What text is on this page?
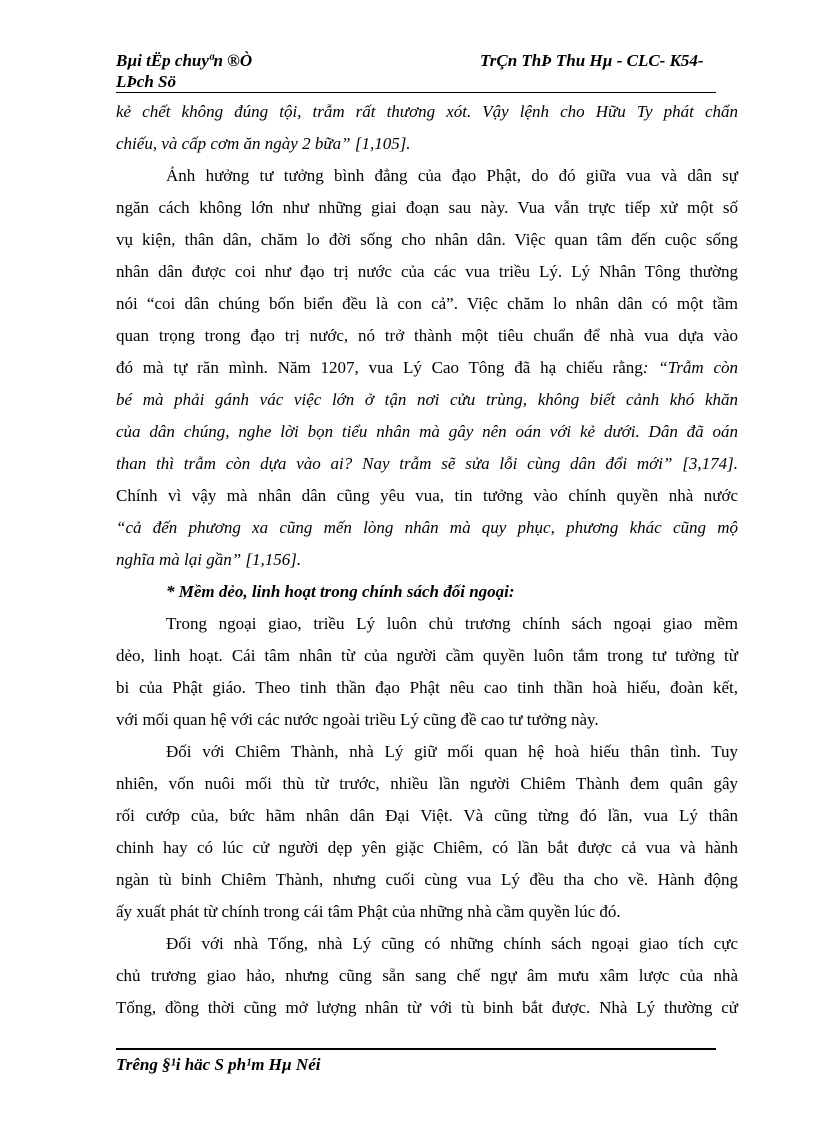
Bµi tËp chuyªn ®Ò
LÞch Sö
TrÇn ThÞ Thu Hµ - CLC- K54-
kẻ chết không đúng tội, trẫm rất thương xót. Vậy lệnh cho Hữu Ty phát chẩn
chiếu, và cấp cơm ăn ngày 2 bữa” [1,105].
Ảnh hưởng tư tưởng bình đẳng của đạo Phật, do đó giữa vua và dân sự
ngăn cách không lớn như những giai đoạn sau này. Vua vẫn trực tiếp xử một số
vụ kiện, thân dân, chăm lo đời sống cho nhân dân. Việc quan tâm đến cuộc sống
nhân dân được coi như đạo trị nước của các vua triều Lý. Lý Nhân Tông thường
nói “coi dân chúng bốn biển đều là con cả”. Việc chăm lo nhân dân có một tầm
quan trọng trong đạo trị nước, nó trở thành một tiêu chuẩn để nhà vua dựa vào
đó mà tự răn mình. Năm 1207, vua Lý Cao Tông đã hạ chiếu rằng: “Trẫm còn
bé mà phải gánh vác việc lớn ở tận nơi cửu trùng, không biết cảnh khó khăn
của dân chúng, nghe lời bọn tiểu nhân mà gây nên oán với kẻ dưới. Dân đã oán
than thì trẫm còn dựa vào ai? Nay trẫm sẽ sửa lỗi cùng dân đổi mới” [3,174].
Chính vì vậy mà nhân dân cũng yêu vua, tin tưởng vào chính quyền nhà nước
“cả đến phương xa cũng mến lòng nhân mà quy phục, phương khác cũng mộ
nghĩa mà lại gần” [1,156].
* Mềm dẻo, linh hoạt trong chính sách đối ngoại:
Trong ngoại giao, triều Lý luôn chủ trương chính sách ngoại giao mềm
dẻo, linh hoạt. Cái tâm nhân từ của người cầm quyền luôn tắm trong tư tưởng từ
bi của Phật giáo. Theo tinh thần đạo Phật nêu cao tinh thần hoà hiếu, đoàn kết,
với mối quan hệ với các nước ngoài triều Lý cũng đề cao tư tưởng này.
Đối với Chiêm Thành, nhà Lý giữ mối quan hệ hoà hiếu thân tình. Tuy
nhiên, vốn nuôi mối thù từ trước, nhiều lần người Chiêm Thành đem quân gây
rối cướp của, bức hãm nhân dân Đại Việt. Và cũng từng đó lần, vua Lý thân
chinh hay có lúc cử người dẹp yên giặc Chiêm, có lần bắt được cả vua và hành
ngàn tù binh Chiêm Thành, nhưng cuối cùng vua Lý đều tha cho về. Hành động
ấy xuất phát từ chính trong cái tâm Phật của những nhà cầm quyền lúc đó.
Đối với nhà Tống, nhà Lý cũng có những chính sách ngoại giao tích cực
chủ trương giao hảo, nhưng cũng sẵn sang chế ngự âm mưu xâm lược của nhà
Tống, đồng thời cũng mở lượng nhân từ với tù binh bắt được. Nhà Lý thường cử
Trêng §¹i häc S ph¹m Hµ Néi
